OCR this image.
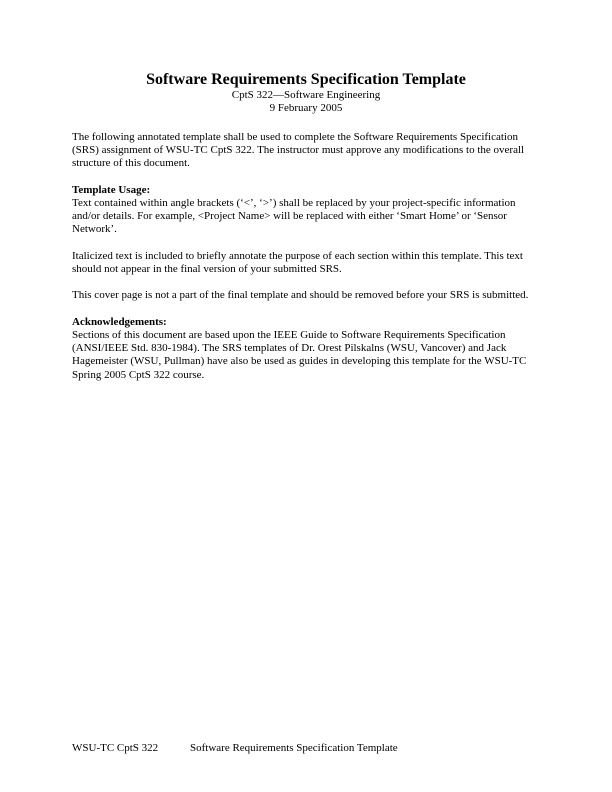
Software Requirements Specification Template

CptS 322—Software Engineering

9 February 2005

The following annotated template shall be used to complete the Software Requirements Specification (SRS) assignment of WSU-TC CptS 322. The instructor must approve any modifications to the overall structure of this document.

Template Usage:

Text contained within angle brackets (‘<’, ‘>’) shall be replaced by your project-specific information and/or details. For example, <Project Name> will be replaced with either ‘Smart Home’ or ‘Sensor Network’.

Italicized text is included to briefly annotate the purpose of each section within this template. This text should not appear in the final version of your submitted SRS.

This cover page is not a part of the final template and should be removed before your SRS is submitted.

Acknowledgements:

Sections of this document are based upon the IEEE Guide to Software Requirements Specification (ANSI/IEEE Std. 830-1984). The SRS templates of Dr. Orest Pilskalns (WSU, Vancover) and Jack Hagemeister (WSU, Pullman) have also be used as guides in developing this template for the WSU-TC Spring 2005 CptS 322 course.

WSU-TC CptS 322	Software Requirements Specification Template
